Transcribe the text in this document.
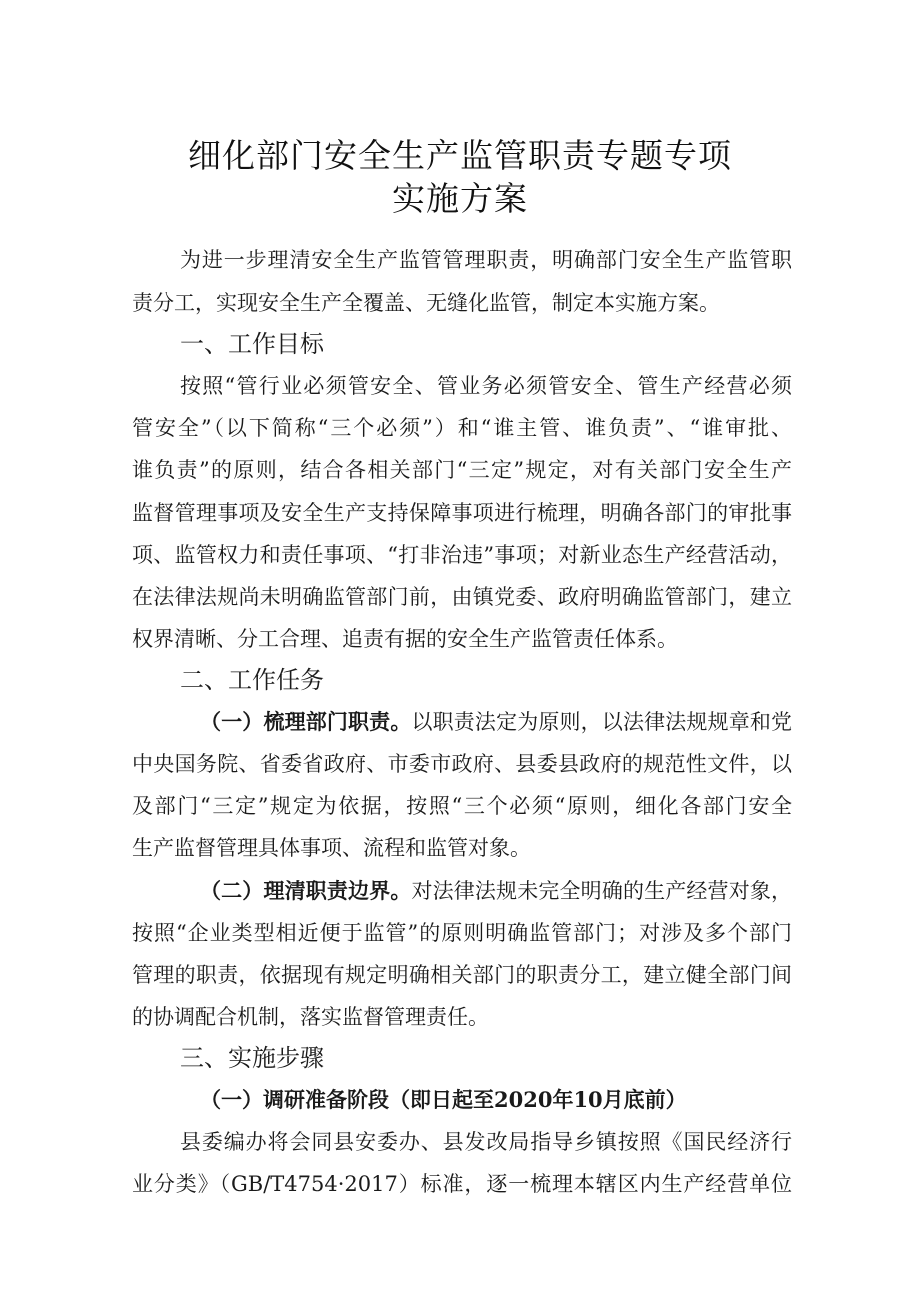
细化部门安全生产监管职责专题专项
实施方案
为进一步理清安全生产监管管理职责，明确部门安全生产监管职
责分工，实现安全生产全覆盖、无缝化监管，制定本实施方案。
一、工作目标
按照“管行业必须管安全、管业务必须管安全、管生产经营必须
管安全”（以下简称“三个必须”）和“谁主管、谁负责”、“谁审批、
谁负责”的原则，结合各相关部门“三定”规定，对有关部门安全生产
监督管理事项及安全生产支持保障事项进行梳理，明确各部门的审批事
项、监管权力和责任事项、“打非治违”事项；对新业态生产经营活动，
在法律法规尚未明确监管部门前，由镇党委、政府明确监管部门，建立
权界清晰、分工合理、追责有据的安全生产监管责任体系。
二、工作任务
（一）梳理部门职责。以职责法定为原则，以法律法规规章和党
中央国务院、省委省政府、市委市政府、县委县政府的规范性文件，以
及部门“三定”规定为依据，按照“三个必须“原则，细化各部门安全
生产监督管理具体事项、流程和监管对象。
（二）理清职责边界。对法律法规未完全明确的生产经营对象，
按照“企业类型相近便于监管”的原则明确监管部门；对涉及多个部门
管理的职责，依据现有规定明确相关部门的职责分工，建立健全部门间
的协调配合机制，落实监督管理责任。
三、实施步骤
（一）调研准备阶段（即日起至2020年10月底前）
县委编办将会同县安委办、县发改局指导乡镇按照《国民经济行
业分类》（GB/T4754·2017）标准，逐一梳理本辖区内生产经营单位
